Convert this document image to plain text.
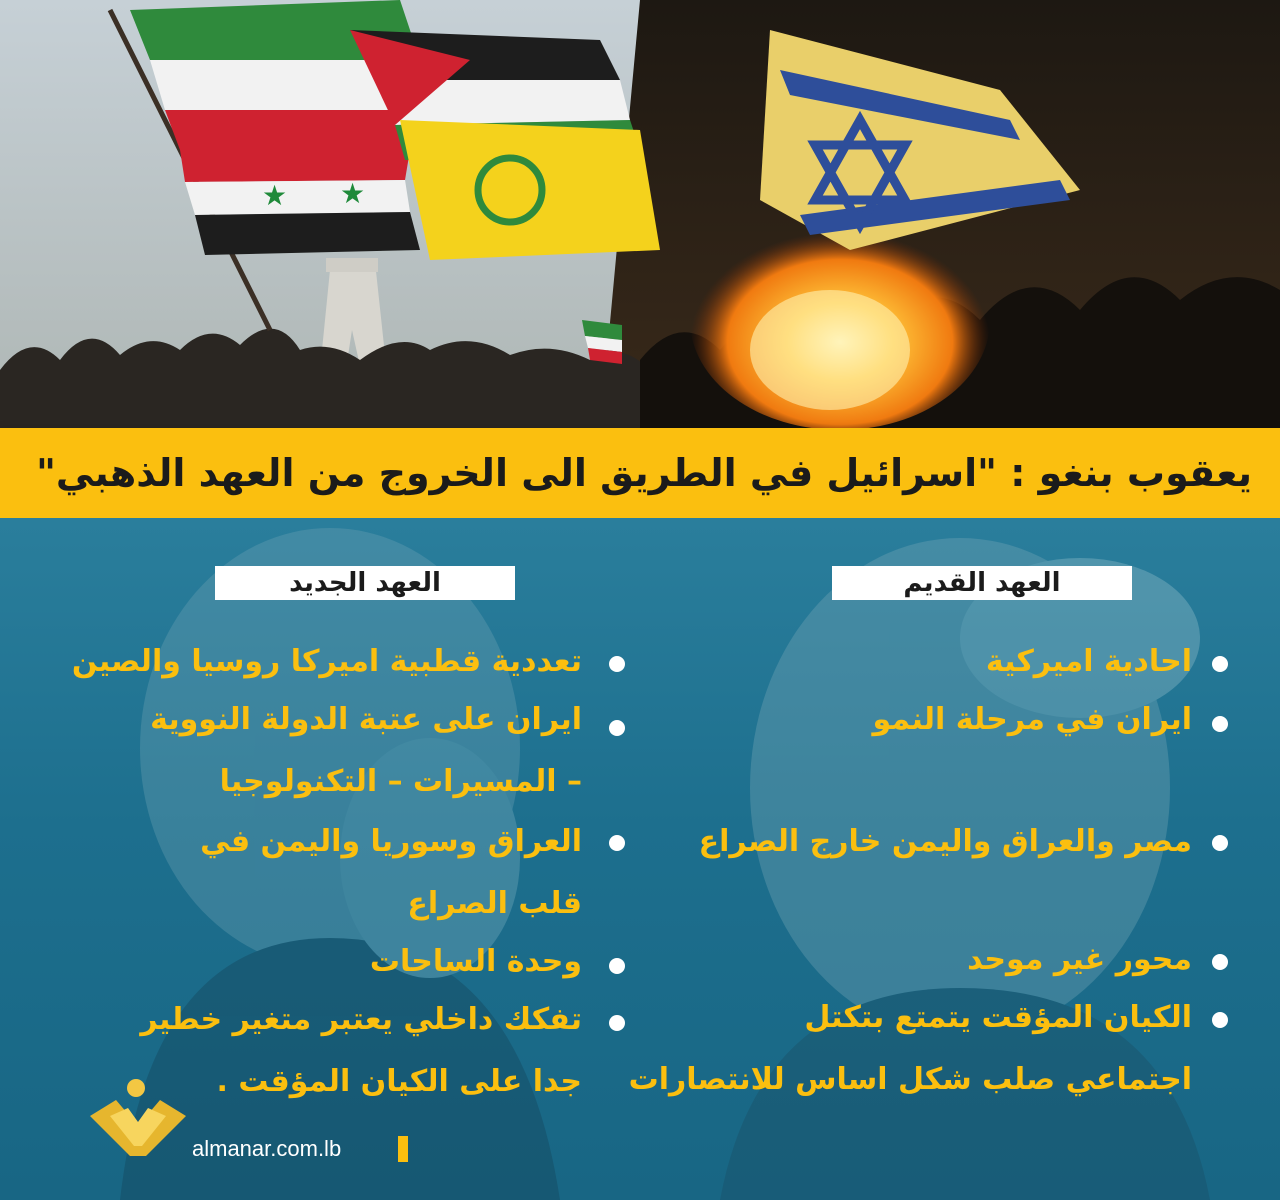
★ ★
يعقوب بنغو : "اسرائيل في الطريق الى الخروج من العهد الذهبي"
العهد الجديد	العهد القديم
تعددية قطبية اميركا روسيا والصين
ايران على عتبة الدولة النووية
– المسيرات – التكنولوجيا
العراق وسوريا واليمن في
قلب الصراع
وحدة الساحات
تفكك داخلي يعتبر متغير خطير
جدا على الكيان المؤقت .
احادية اميركية
ايران في مرحلة النمو
مصر والعراق واليمن خارج الصراع
محور غير موحد
الكيان المؤقت يتمتع بتكتل
اجتماعي صلب شكل اساس للانتصارات
almanar.com.lb
